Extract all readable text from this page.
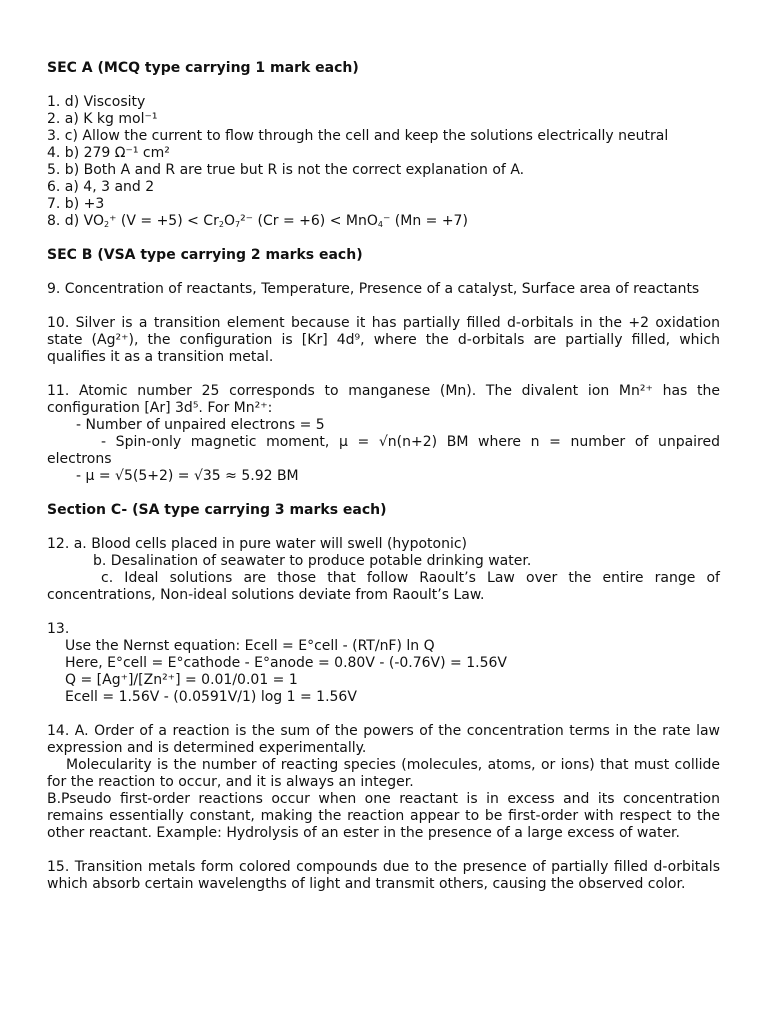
SEC A (MCQ type carrying 1 mark each)

1. d) Viscosity

2. a) K kg mol⁻¹

3. c) Allow the current to flow through the cell and keep the solutions electrically neutral

4. b) 279 Ω⁻¹ cm²

5. b) Both A and R are true but R is not the correct explanation of A.

6. a) 4, 3 and 2

7. b) +3

8. d) $VO_2^+$ $(V = +5) < Cr_2O_7^{2-}$ (Cr = +6) < MnO$_4$⁻ (Mn = +7)

SEC B (VSA type carrying 2 marks each)

9. Concentration of reactants, Temperature, Presence of a catalyst, Surface area of reactants

10. Silver is a transition element because it has partially filled d-orbitals in the +2 oxidation state (Ag²⁺), the configuration is [Kr] 4d⁹, where the d-orbitals are partially filled, which qualifies it as a transition metal.

11. Atomic number 25 corresponds to manganese (Mn). The divalent ion Mn²⁺ has the configuration [Ar] 3d⁵. For Mn²⁺:

- Number of unpaired electrons = 5

- Spin-only magnetic moment, μ = √n(n+2) BM where n = number of unpaired electrons

- μ = √5(5+2) = √35 ≈ 5.92 BM

Section C- (SA type carrying 3 marks each)

12. a. Blood cells placed in pure water will swell (hypotonic)

b. Desalination of seawater to produce potable drinking water.

c. Ideal solutions are those that follow Raoult’s Law over the entire range of concentrations, Non-ideal solutions deviate from Raoult’s Law.

13.

Use the Nernst equation: Ecell = E°cell - (RT/nF) ln Q

Here, E°cell = E°cathode - E°anode = 0.80V - (-0.76V) = 1.56V

Q = [Ag⁺]/[Zn²⁺] = 0.01/0.01 = 1

Ecell = 1.56V - (0.0591V/1) log 1 = 1.56V

14. A. Order of a reaction is the sum of the powers of the concentration terms in the rate law expression and is determined experimentally.

Molecularity is the number of reacting species (molecules, atoms, or ions) that must collide for the reaction to occur, and it is always an integer.

B.Pseudo first-order reactions occur when one reactant is in excess and its concentration remains essentially constant, making the reaction appear to be first-order with respect to the other reactant. Example: Hydrolysis of an ester in the presence of a large excess of water.

15. Transition metals form colored compounds due to the presence of partially filled d-orbitals which absorb certain wavelengths of light and transmit others, causing the observed color.
